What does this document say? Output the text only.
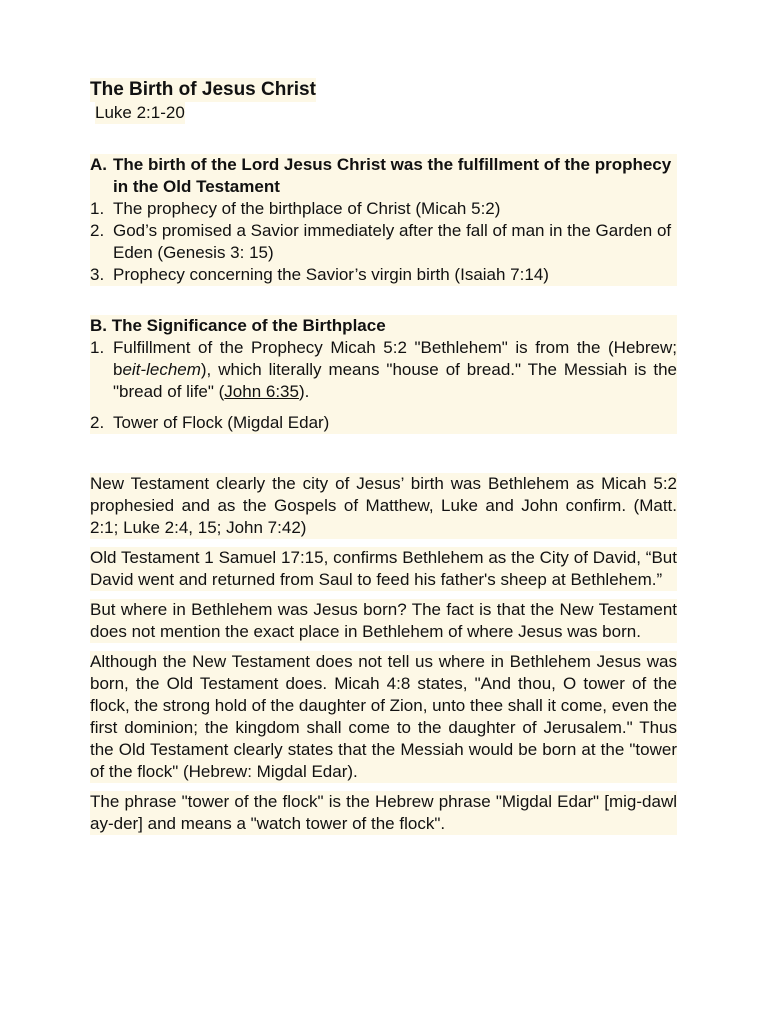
The Birth of Jesus Christ
Luke 2:1-20
A. The birth of the Lord Jesus Christ was the fulfillment of the prophecy in the Old Testament
1. The prophecy of the birthplace of Christ (Micah 5:2)
2. God’s promised a Savior immediately after the fall of man in the Garden of Eden (Genesis 3: 15)
3. Prophecy concerning the Savior’s virgin birth (Isaiah 7:14)
B. The Significance of the Birthplace
1. Fulfillment of the Prophecy Micah 5:2 "Bethlehem" is from the (Hebrew; beit-lechem), which literally means "house of bread." The Messiah is the "bread of life" (John 6:35).
2. Tower of Flock (Migdal Edar)

New Testament clearly the city of Jesus’ birth was Bethlehem as Micah 5:2 prophesied and as the Gospels of Matthew, Luke and John confirm. (Matt. 2:1; Luke 2:4, 15; John 7:42)

Old Testament 1 Samuel 17:15, confirms Bethlehem as the City of David, “But David went and returned from Saul to feed his father's sheep at Bethlehem.”

But where in Bethlehem was Jesus born? The fact is that the New Testament does not mention the exact place in Bethlehem of where Jesus was born.

Although the New Testament does not tell us where in Bethlehem Jesus was born, the Old Testament does. Micah 4:8 states, "And thou, O tower of the flock, the strong hold of the daughter of Zion, unto thee shall it come, even the first dominion; the kingdom shall come to the daughter of Jerusalem." Thus the Old Testament clearly states that the Messiah would be born at the "tower of the flock" (Hebrew: Migdal Edar).

The phrase "tower of the flock" is the Hebrew phrase "Migdal Edar" [mig-dawl ay-der] and means a "watch tower of the flock".
